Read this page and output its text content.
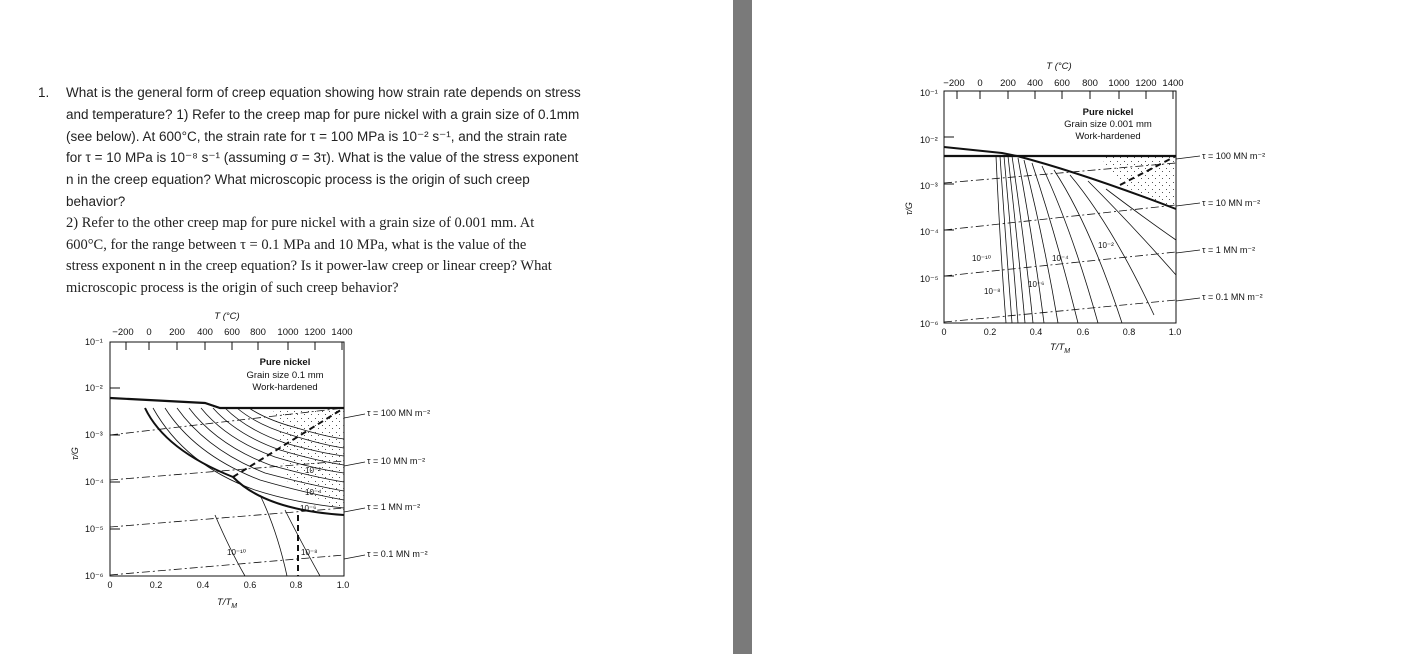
1. What is the general form of creep equation showing how strain rate depends on stress

and temperature? 1) Refer to the creep map for pure nickel with a grain size of 0.1mm

(see below). At 600°C, the strain rate for τ = 100 MPa is 10⁻² s⁻¹, and the strain rate

for τ = 10 MPa is 10⁻⁸ s⁻¹ (assuming σ = 3τ). What is the value of the stress exponent

n in the creep equation? What microscopic process is the origin of such creep

behavior?

2) Refer to the other creep map for pure nickel with a grain size of 0.001 mm. At

600°C, for the range between τ = 0.1 MPa and 10 MPa, what is the value of the

stress exponent n in the creep equation? Is it power-law creep or linear creep? What

microscopic process is the origin of such creep behavior?

T (°C)
−200 0 200 400 600 800 1000 1200 1400
Pure nickel
Grain size 0.1 mm
Work-hardened
10⁻¹
10⁻²
10⁻³
10⁻⁴
10⁻⁵
10⁻⁶
τ/G
0	0.2	0.4	0.6	0.8	1.0
$T/T_M$
10⁻²
10⁻⁴
10⁻⁶
10⁻¹⁰	10⁻⁸
τ = 100 MN m⁻²
τ = 10 MN m⁻²
τ = 1 MN m⁻²
τ = 0.1 MN m⁻²
T (°C)
−200 0 200 400 600 800 1000 1200 1400
Pure nickel
Grain size 0.001 mm
Work-hardened
10⁻¹
10⁻²
10⁻³
10⁻⁴
10⁻⁵
10⁻⁶
τ/G
0	0.2	0.4	0.6	0.8	1.0
$T/T_M$
10⁻¹⁰
10⁻⁸
10⁻⁴
10⁻⁶
10⁻²
τ = 100 MN m⁻²
τ = 10 MN m⁻²
τ = 1 MN m⁻²
τ = 0.1 MN m⁻²
